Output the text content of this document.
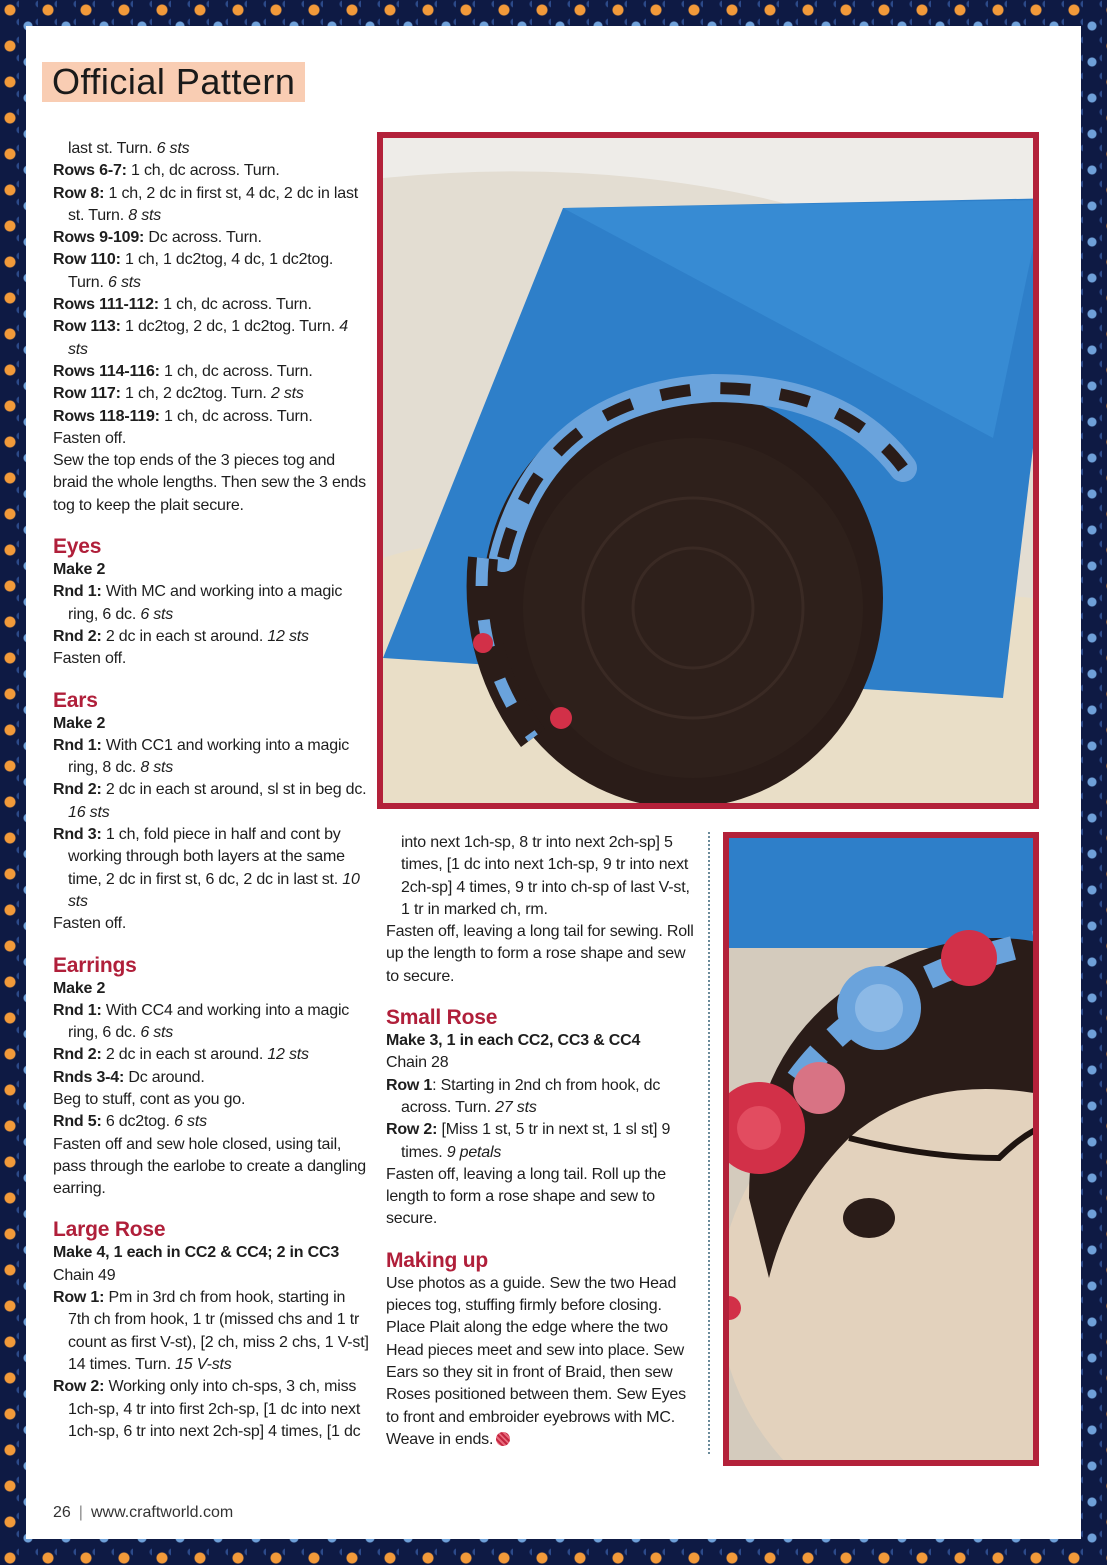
Official Pattern

last st. Turn. 6 sts

Rows 6-7: 1 ch, dc across. Turn.

Row 8: 1 ch, 2 dc in first st, 4 dc, 2 dc in last st. Turn. 8 sts

Rows 9-109: Dc across. Turn.

Row 110: 1 ch, 1 dc2tog, 4 dc, 1 dc2tog. Turn. 6 sts

Rows 111-112: 1 ch, dc across. Turn.

Row 113: 1 dc2tog, 2 dc, 1 dc2tog. Turn. 4 sts

Rows 114-116: 1 ch, dc across. Turn.

Row 117: 1 ch, 2 dc2tog. Turn. 2 sts

Rows 118-119: 1 ch, dc across. Turn.

Fasten off.

Sew the top ends of the 3 pieces tog and braid the whole lengths. Then sew the 3 ends tog to keep the plait secure.

Eyes
Make 2

Rnd 1: With MC and working into a magic ring, 6 dc. 6 sts

Rnd 2: 2 dc in each st around. 12 sts

Fasten off.

Ears
Make 2

Rnd 1: With CC1 and working into a magic ring, 8 dc. 8 sts

Rnd 2: 2 dc in each st around, sl st in beg dc. 16 sts

Rnd 3: 1 ch, fold piece in half and cont by working through both layers at the same time, 2 dc in first st, 6 dc, 2 dc in last st. 10 sts

Fasten off.

Earrings
Make 2

Rnd 1: With CC4 and working into a magic ring, 6 dc. 6 sts

Rnd 2: 2 dc in each st around. 12 sts

Rnds 3-4: Dc around.

Beg to stuff, cont as you go.

Rnd 5: 6 dc2tog. 6 sts

Fasten off and sew hole closed, using tail, pass through the earlobe to create a dangling earring.

Large Rose
Make 4, 1 each in CC2 & CC4; 2 in CC3

Chain 49

Row 1: Pm in 3rd ch from hook, starting in 7th ch from hook, 1 tr (missed chs and 1 tr count as first V-st), [2 ch, miss 2 chs, 1 V-st] 14 times. Turn. 15 V-sts

Row 2: Working only into ch-sps, 3 ch, miss 1ch-sp, 4 tr into first 2ch-sp, [1 dc into next 1ch-sp, 6 tr into next 2ch-sp] 4 times, [1 dc

into next 1ch-sp, 8 tr into next 2ch-sp] 5 times, [1 dc into next 1ch-sp, 9 tr into next 2ch-sp] 4 times, 9 tr into ch-sp of last V-st, 1 tr in marked ch, rm.

Fasten off, leaving a long tail for sewing. Roll up the length to form a rose shape and sew to secure.

Small Rose
Make 3, 1 in each CC2, CC3 & CC4

Chain 28

Row 1: Starting in 2nd ch from hook, dc across. Turn. 27 sts

Row 2: [Miss 1 st, 5 tr in next st, 1 sl st] 9 times. 9 petals

Fasten off, leaving a long tail. Roll up the length to form a rose shape and sew to secure.

Making up

Use photos as a guide. Sew the two Head pieces tog, stuffing firmly before closing. Place Plait along the edge where the two Head pieces meet and sew into place. Sew Ears so they sit in front of Braid, then sew Roses positioned between them. Sew Eyes to front and embroider eyebrows with MC. Weave in ends.

26 | www.craftworld.com
